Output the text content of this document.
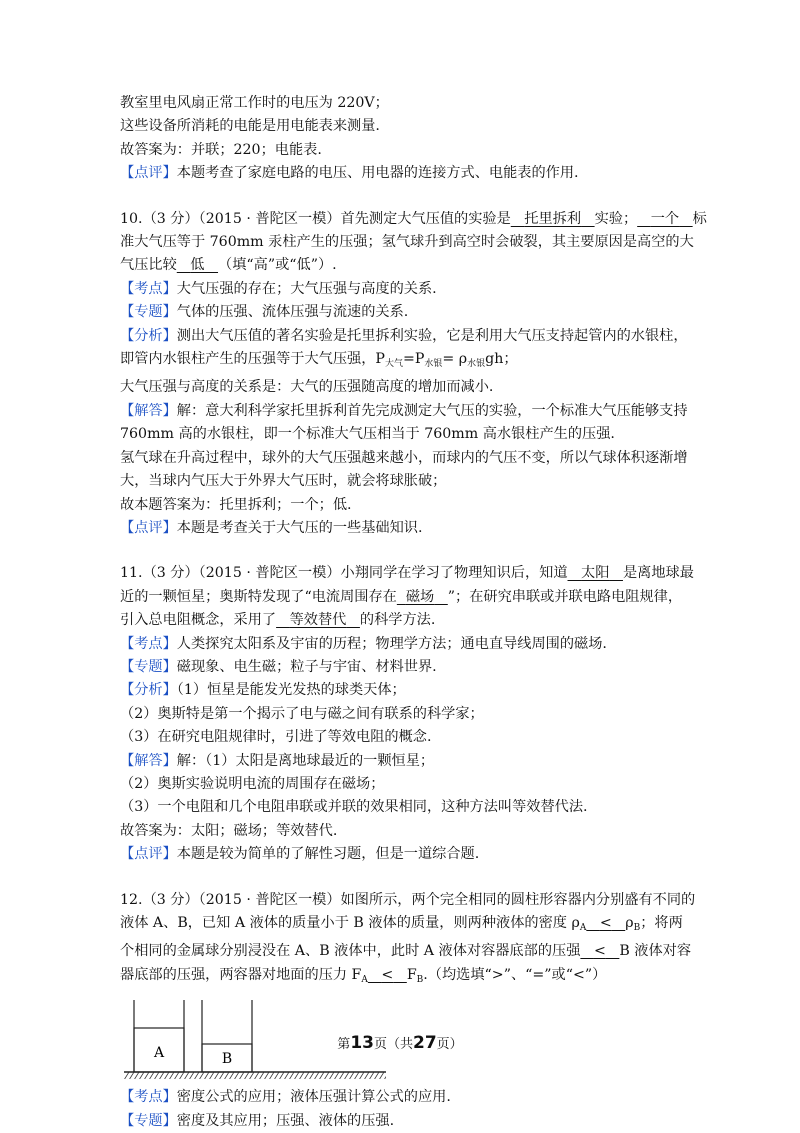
教室里电风扇正常工作时的电压为 220V；
这些设备所消耗的电能是用电能表来测量.
故答案为：并联；220；电能表.
【点评】本题考查了家庭电路的电压、用电器的连接方式、电能表的作用.
10.（3 分）（2015 · 普陀区一模）首先测定大气压值的实验是 托里拆利 实验； 一个 标
准大气压等于 760mm 汞柱产生的压强；氢气球升到高空时会破裂，其主要原因是高空的大
气压比较 低 （填“高”或“低”）.
【考点】大气压强的存在；大气压强与高度的关系.
【专题】气体的压强、流体压强与流速的关系.
【分析】测出大气压值的著名实验是托里拆利实验，它是利用大气压支持起管内的水银柱，
即管内水银柱产生的压强等于大气压强，$P_{大气}=P_{水银}= \rho_{水银}gh$；
大气压强与高度的关系是：大气的压强随高度的增加而减小.
【解答】解：意大利科学家托里拆利首先完成测定大气压的实验，一个标准大气压能够支持
760mm 高的水银柱，即一个标准大气压相当于 760mm 高水银柱产生的压强.
氢气球在升高过程中，球外的大气压强越来越小，而球内的气压不变，所以气球体积逐渐增
大，当球内气压大于外界大气压时，就会将球胀破；
故本题答案为：托里拆利；一个；低.
【点评】本题是考查关于大气压的一些基础知识.
11.（3 分）（2015 · 普陀区一模）小翔同学在学习了物理知识后，知道 太阳 是离地球最
近的一颗恒星；奥斯特发现了“电流周围存在 磁场 ”；在研究串联或并联电路电阻规律，
引入总电阻概念，采用了 等效替代 的科学方法.
【考点】人类探究太阳系及宇宙的历程；物理学方法；通电直导线周围的磁场.
【专题】磁现象、电生磁；粒子与宇宙、材料世界.
【分析】（1）恒星是能发光发热的球类天体；
（2）奥斯特是第一个揭示了电与磁之间有联系的科学家；
（3）在研究电阻规律时，引进了等效电阻的概念.
【解答】解：（1）太阳是离地球最近的一颗恒星；
（2）奥斯实验说明电流的周围存在磁场；
（3）一个电阻和几个电阻串联或并联的效果相同，这种方法叫等效替代法.
故答案为：太阳；磁场；等效替代.
【点评】本题是较为简单的了解性习题，但是一道综合题.
12.（3 分）（2015 · 普陀区一模）如图所示，两个完全相同的圆柱形容器内分别盛有不同的
液体 A、B，已知 A 液体的质量小于 B 液体的质量，则两种液体的密度 $\rho_A < \rho_B$；将两
个相同的金属球分别浸没在 A、B 液体中，此时 A 液体对容器底部的压强 < B 液体对容
器底部的压强，两容器对地面的压力 $F_A < F_B$.（均选填“>”、“=”或“<”）
A	B
【考点】密度公式的应用；液体压强计算公式的应用.
【专题】密度及其应用；压强、液体的压强.
第13页（共27页）
